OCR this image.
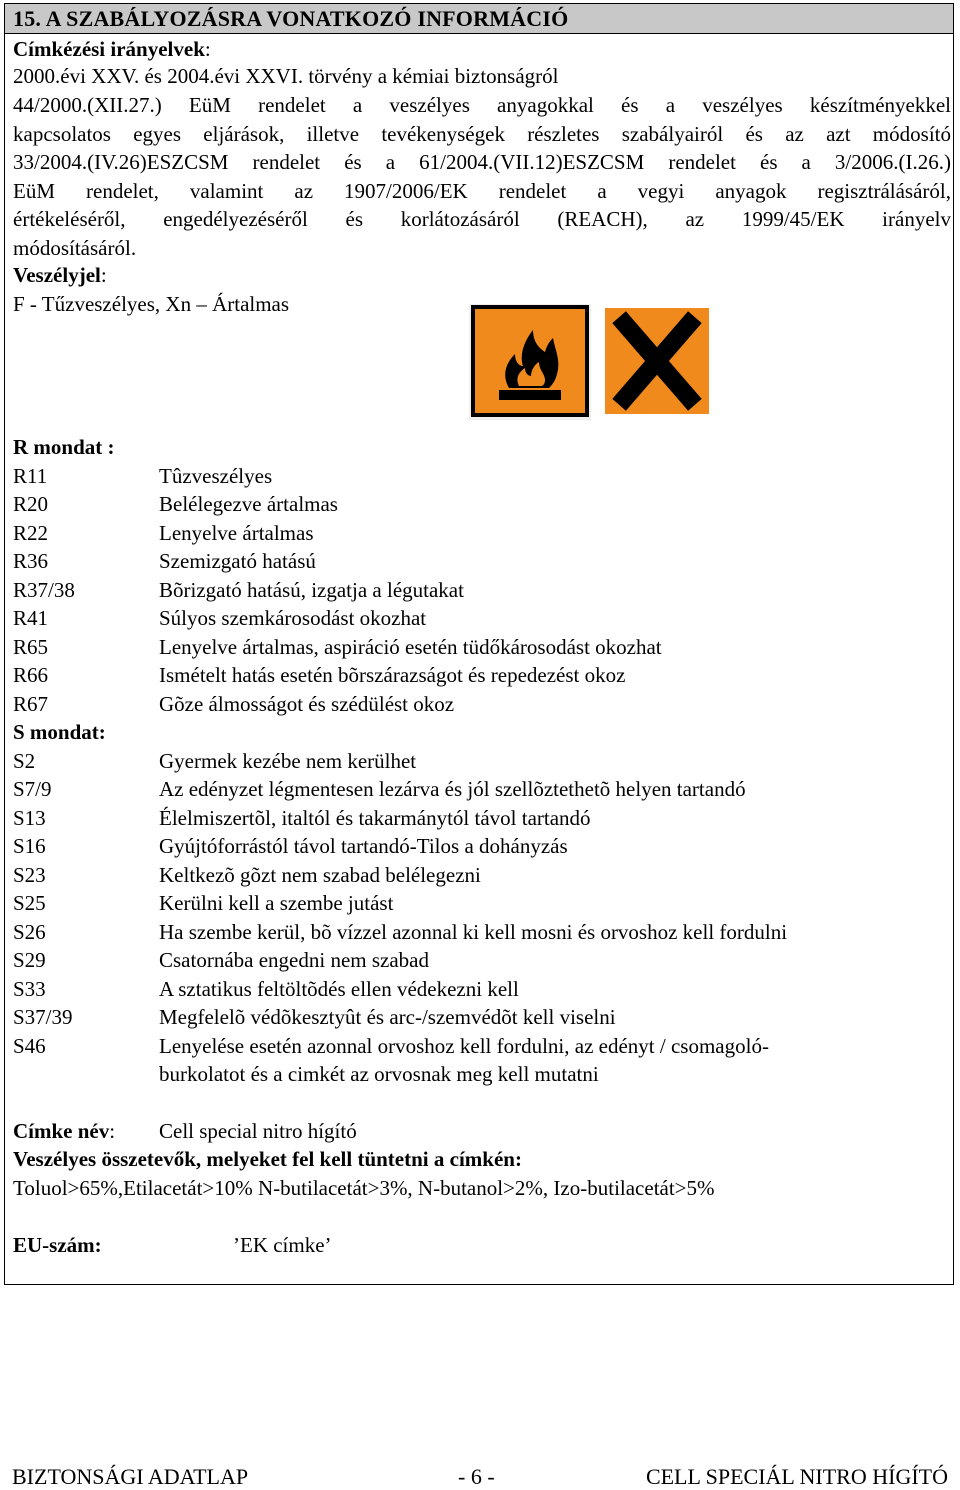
15. A SZABÁLYOZÁSRA VONATKOZÓ INFORMÁCIÓ
Címkézési irányelvek:
2000.évi XXV. és 2004.évi XXVI. törvény a kémiai biztonságról
44/2000.(XII.27.) EüM rendelet a veszélyes anyagokkal és a veszélyes készítményekkel
kapcsolatos egyes eljárások, illetve tevékenységek részletes szabályairól és az azt módosító
33/2004.(IV.26)ESZCSM rendelet és a 61/2004.(VII.12)ESZCSM rendelet és a 3/2006.(I.26.)
EüM rendelet, valamint az 1907/2006/EK rendelet a vegyi anyagok regisztrálásáról,
értékeléséről, engedélyezéséről és korlátozásáról (REACH), az 1999/45/EK irányelv
módosításáról.
Veszélyjel:
F - Tűzveszélyes, Xn – Ártalmas
R mondat :
R11	Tûzveszélyes
R20	Belélegezve ártalmas
R22	Lenyelve ártalmas
R36	Szemizgató hatású
R37/38	Bõrizgató hatású, izgatja a légutakat
R41	Súlyos szemkárosodást okozhat
R65	Lenyelve ártalmas, aspiráció esetén tüdőkárosodást okozhat
R66	Ismételt hatás esetén bõrszárazságot és repedezést okoz
R67	Gõze álmosságot és szédülést okoz
S mondat:
S2	Gyermek kezébe nem kerülhet
S7/9	Az edényzet légmentesen lezárva és jól szellõztethetõ helyen tartandó
S13	Élelmiszertõl, italtól és takarmánytól távol tartandó
S16	Gyújtóforrástól távol tartandó-Tilos a dohányzás
S23	Keltkezõ gõzt nem szabad belélegezni
S25	Kerülni kell a szembe jutást
S26	Ha szembe kerül, bõ vízzel azonnal ki kell mosni és orvoshoz kell fordulni
S29	Csatornába engedni nem szabad
S33	A sztatikus feltöltõdés ellen védekezni kell
S37/39	Megfelelõ védõkesztyût és arc-/szemvédõt kell viselni
S46	Lenyelése esetén azonnal orvoshoz kell fordulni, az edényt / csomagoló-
burkolatot és a cimkét az orvosnak meg kell mutatni
Címke név: Cell special nitro hígító
Veszélyes összetevők, melyeket fel kell tüntetni a címkén:
Toluol>65%,Etilacetát>10% N-butilacetát>3%, N-butanol>2%, Izo-butilacetát>5%
EU-szám:	’EK címke’
BIZTONSÁGI ADATLAP	- 6 -	CELL SPECIÁL NITRO HÍGÍTÓ
